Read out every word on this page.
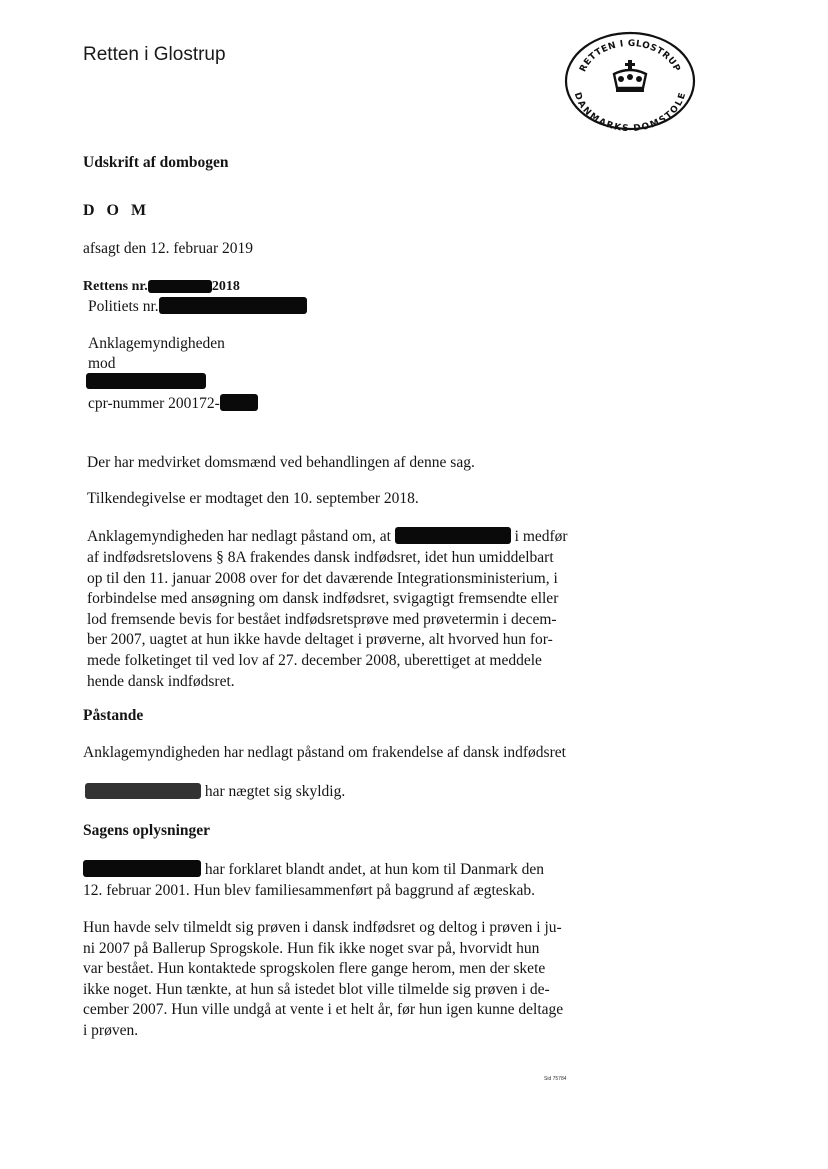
Retten i Glostrup
RETTEN I GLOSTRUP
DANMARKS DOMSTOLE
Udskrift af dombogen
D O M
afsagt den 12. februar 2019
Rettens nr.	2018
Politiets nr.
Anklagemyndigheden
mod
cpr-nummer 200172-
Der har medvirket domsmænd ved behandlingen af denne sag.
Tilkendegivelse er modtaget den 10. september 2018.
Anklagemyndigheden har nedlagt påstand om, at	i medfør
af indfødsretslovens § 8A frakendes dansk indfødsret, idet hun umiddelbart
op til den 11. januar 2008 over for det daværende Integrationsministerium, i
forbindelse med ansøgning om dansk indfødsret, svigagtigt fremsendte eller
lod fremsende bevis for bestået indfødsretsprøve med prøvetermin i decem-
ber 2007, uagtet at hun ikke havde deltaget i prøverne, alt hvorved hun for-
mede folketinget til ved lov af 27. december 2008, uberettiget at meddele
hende dansk indfødsret.
Påstande
Anklagemyndigheden har nedlagt påstand om frakendelse af dansk indfødsret
har nægtet sig skyldig.
Sagens oplysninger
har forklaret blandt andet, at hun kom til Danmark den
12. februar 2001. Hun blev familiesammenført på baggrund af ægteskab.
Hun havde selv tilmeldt sig prøven i dansk indfødsret og deltog i prøven i ju-
ni 2007 på Ballerup Sprogskole. Hun fik ikke noget svar på, hvorvidt hun
var bestået. Hun kontaktede sprogskolen flere gange herom, men der skete
ikke noget. Hun tænkte, at hun så istedet blot ville tilmelde sig prøven i de-
cember 2007. Hun ville undgå at vente i et helt år, før hun igen kunne deltage
i prøven.
Sid 75784
